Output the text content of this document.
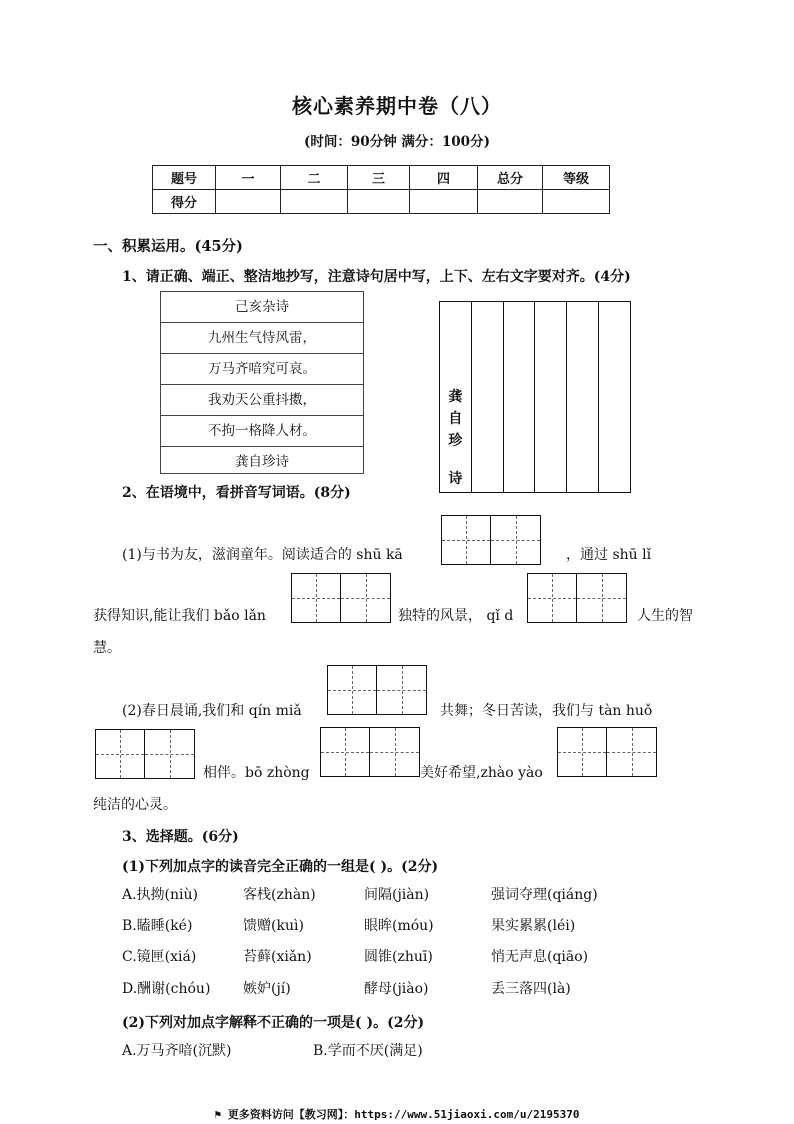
核心素养期中卷（八）
(时间：90分钟 满分：100分)
题号	一	二	三	四	总分	等级
得分						
一、积累运用。(45分)
1、请正确、端正、整洁地抄写，注意诗句居中写，上下、左右文字要对齐。(4分)
己亥杂诗
九州生气恃风雷，
万马齐喑究可哀。
我劝天公重抖擞，
不拘一格降人材。
龚自珍诗
龚
自
珍
诗
2、在语境中，看拼音写词语。(8分)
(1)与书为友，滋润童年。阅读适合的 shū kā	，通过 shū lǐ
获得知识,能让我们 bǎo lǎn	独特的风景， qǐ d	人生的智
慧。
(2)春日晨诵,我们和 qín miǎ	共舞；冬日苦读，我们与 tàn huǒ
相伴。bō zhòng	美好希望,zhào yào
纯洁的心灵。
3、选择题。(6分)
(1)下列加点字的读音完全正确的一组是( )。(2分)
A.执拗(niù)	客栈(zhàn)	间隔(jiàn)	强词夺理(qiáng)
B.瞌睡(ké)	馈赠(kuì)	眼眸(móu)	果实累累(léi)
C.镜匣(xiá)	苔藓(xiǎn)	圆锥(zhuī)	悄无声息(qiāo)
D.酬谢(chóu) 嫉妒(jí)	酵母(jiào)	丢三落四(là)
(2)下列对加点字解释不正确的一项是( )。(2分)
A.万马齐喑(沉默)	B.学而不厌(满足)
⚑ 更多资料访问【教习网】：https://www.51jiaoxi.com/u/2195370
